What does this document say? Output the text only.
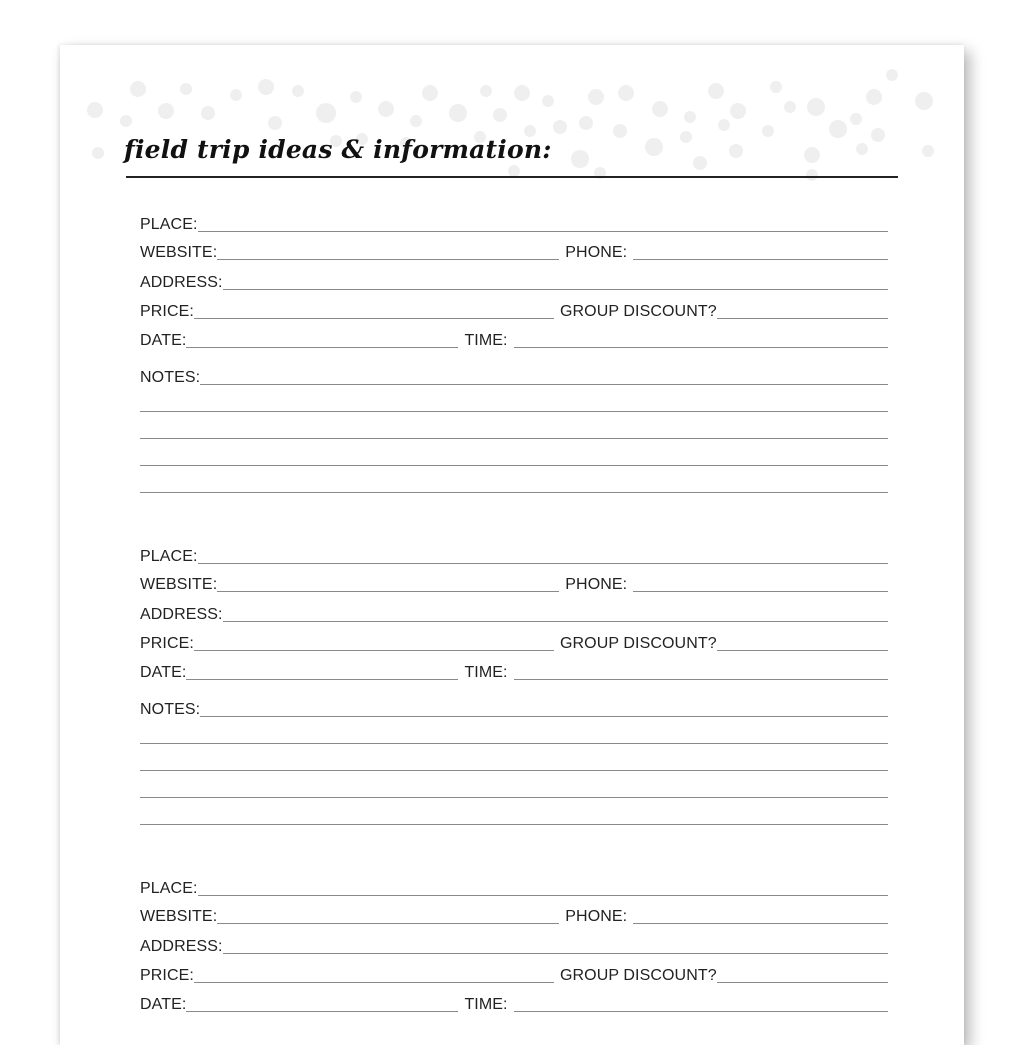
field trip ideas & information:
PLACE:
WEBSITE:	PHONE:
ADDRESS:
PRICE:	GROUP DISCOUNT?
DATE:	TIME:
NOTES:
PLACE:
WEBSITE:	PHONE:
ADDRESS:
PRICE:	GROUP DISCOUNT?
DATE:	TIME:
NOTES:
PLACE:
WEBSITE:	PHONE:
ADDRESS:
PRICE:	GROUP DISCOUNT?
DATE:	TIME:
